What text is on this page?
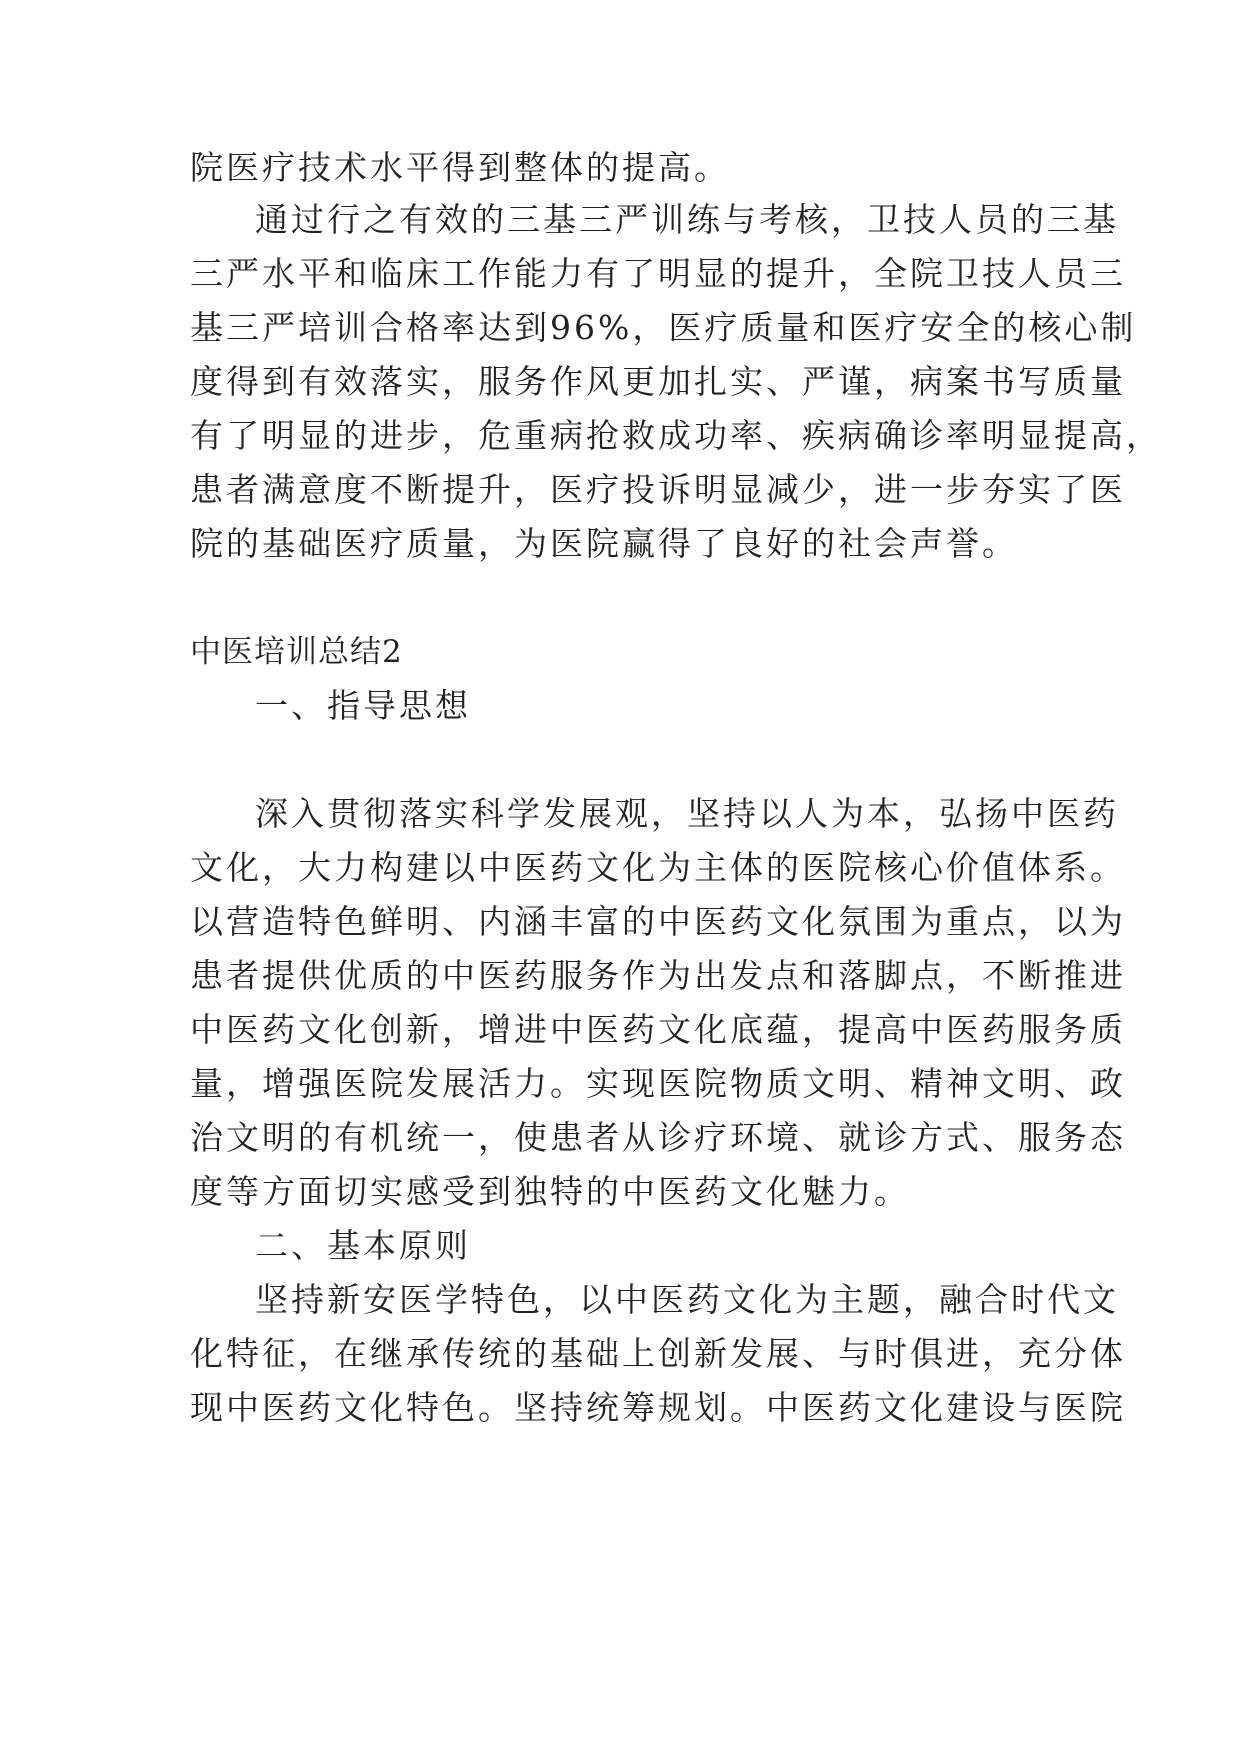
院医疗技术水平得到整体的提高。
通过行之有效的三基三严训练与考核，卫技人员的三基
三严水平和临床工作能力有了明显的提升，全院卫技人员三
基三严培训合格率达到96%，医疗质量和医疗安全的核心制
度得到有效落实，服务作风更加扎实、严谨，病案书写质量
有了明显的进步，危重病抢救成功率、疾病确诊率明显提高，
患者满意度不断提升，医疗投诉明显减少，进一步夯实了医
院的基础医疗质量，为医院赢得了良好的社会声誉。
中医培训总结2
一、指导思想
深入贯彻落实科学发展观，坚持以人为本，弘扬中医药
文化，大力构建以中医药文化为主体的医院核心价值体系。
以营造特色鲜明、内涵丰富的中医药文化氛围为重点，以为
患者提供优质的中医药服务作为出发点和落脚点，不断推进
中医药文化创新，增进中医药文化底蕴，提高中医药服务质
量，增强医院发展活力。实现医院物质文明、精神文明、政
治文明的有机统一，使患者从诊疗环境、就诊方式、服务态
度等方面切实感受到独特的中医药文化魅力。
二、基本原则
坚持新安医学特色，以中医药文化为主题，融合时代文
化特征，在继承传统的基础上创新发展、与时俱进，充分体
现中医药文化特色。坚持统筹规划。中医药文化建设与医院
